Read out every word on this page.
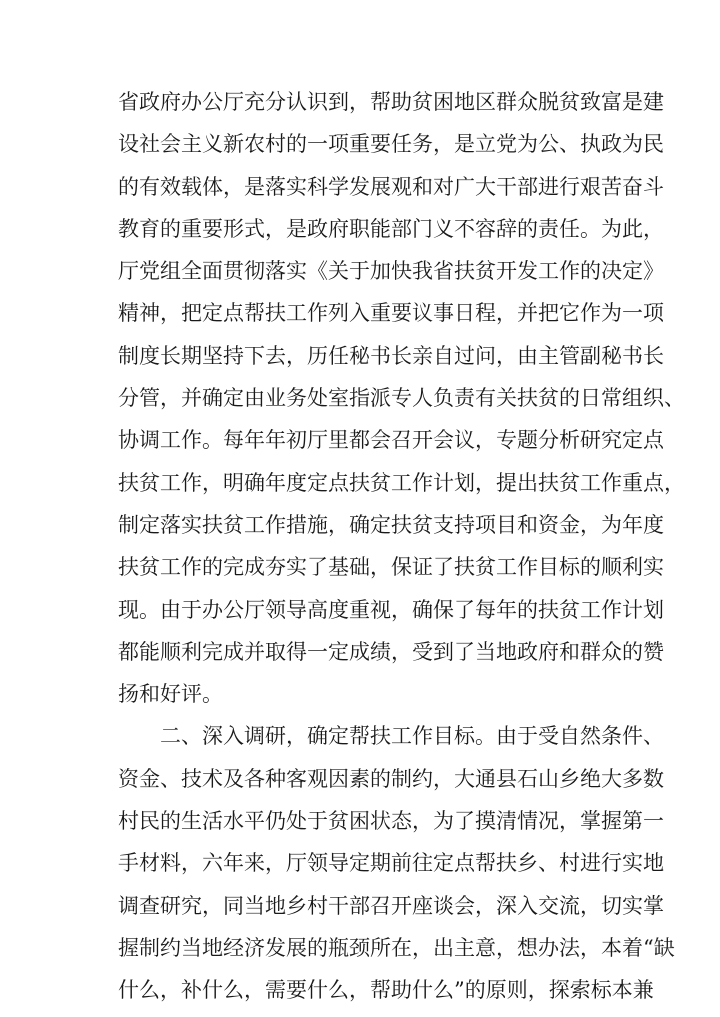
省政府办公厅充分认识到，帮助贫困地区群众脱贫致富是建
设社会主义新农村的一项重要任务，是立党为公、执政为民
的有效载体，是落实科学发展观和对广大干部进行艰苦奋斗
教育的重要形式，是政府职能部门义不容辞的责任。为此，
厅党组全面贯彻落实《关于加快我省扶贫开发工作的决定》
精神，把定点帮扶工作列入重要议事日程，并把它作为一项
制度长期坚持下去，历任秘书长亲自过问，由主管副秘书长
分管，并确定由业务处室指派专人负责有关扶贫的日常组织、
协调工作。每年年初厅里都会召开会议，专题分析研究定点
扶贫工作，明确年度定点扶贫工作计划，提出扶贫工作重点，
制定落实扶贫工作措施，确定扶贫支持项目和资金，为年度
扶贫工作的完成夯实了基础，保证了扶贫工作目标的顺利实
现。由于办公厅领导高度重视，确保了每年的扶贫工作计划
都能顺利完成并取得一定成绩，受到了当地政府和群众的赞
扬和好评。
二、深入调研，确定帮扶工作目标。由于受自然条件、
资金、技术及各种客观因素的制约，大通县石山乡绝大多数
村民的生活水平仍处于贫困状态，为了摸清情况，掌握第一
手材料，六年来，厅领导定期前往定点帮扶乡、村进行实地
调查研究，同当地乡村干部召开座谈会，深入交流，切实掌
握制约当地经济发展的瓶颈所在，出主意，想办法，本着“缺
什么，补什么，需要什么，帮助什么”的原则，探索标本兼
